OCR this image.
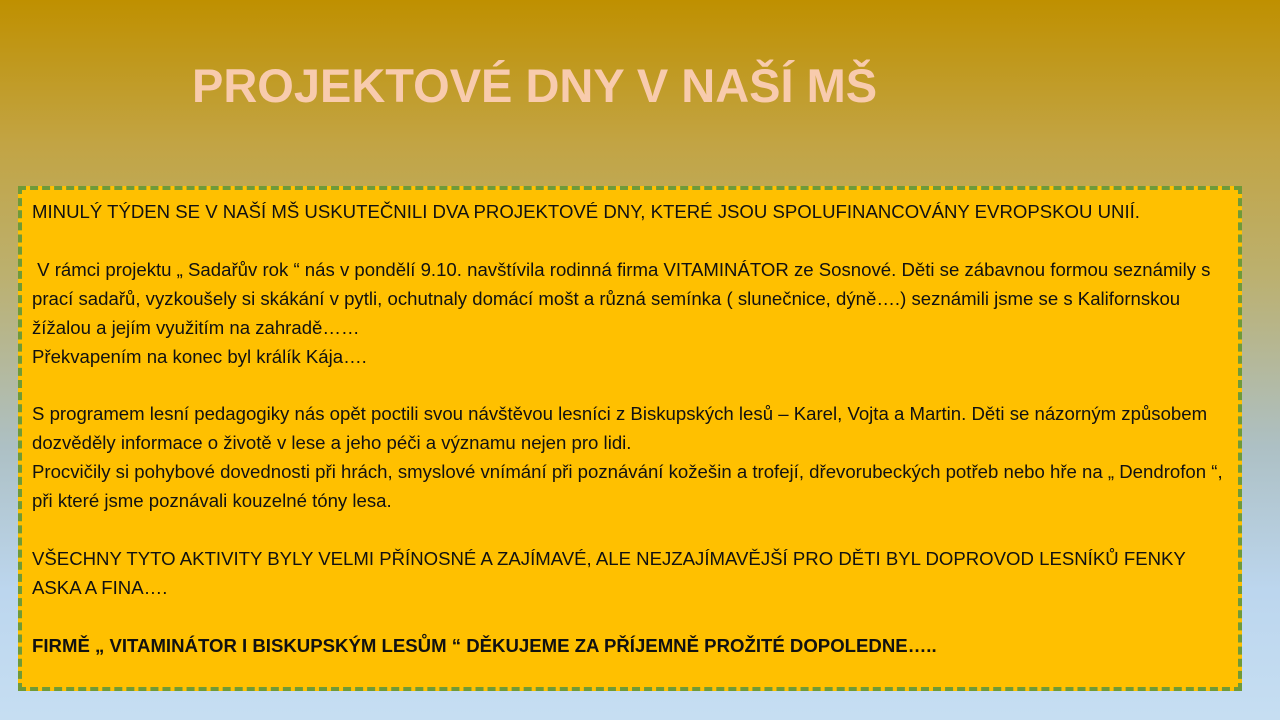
PROJEKTOVÉ DNY V NAŠÍ MŠ

MINULÝ TÝDEN SE V NAŠÍ MŠ USKUTEČNILI DVA PROJEKTOVÉ DNY, KTERÉ JSOU SPOLUFINANCOVÁNY EVROPSKOU UNIÍ.

V rámci projektu „ Sadařův rok “ nás v pondělí 9.10. navštívila rodinná firma VITAMINÁTOR ze Sosnové. Děti se zábavnou formou seznámily s prací sadařů, vyzkoušely si skákání v pytli, ochutnaly domácí mošt a různá semínka ( slunečnice, dýně….) seznámili jsme se s Kalifornskou žížalou a jejím využitím na zahradě……

Překvapením na konec byl králík Kája….

S programem lesní pedagogiky nás opět poctili svou návštěvou lesníci z Biskupských lesů – Karel, Vojta a Martin. Děti se názorným způsobem dozvěděly informace o životě v lese a jeho péči a významu nejen pro lidi.

Procvičily si pohybové dovednosti při hrách, smyslové vnímání při poznávání kožešin a trofejí, dřevorubeckých potřeb nebo hře na „ Dendrofon “, při které jsme poznávali kouzelné tóny lesa.

VŠECHNY TYTO AKTIVITY BYLY VELMI PŘÍNOSNÉ A ZAJÍMAVÉ, ALE NEJZAJÍMAVĚJŠÍ PRO DĚTI BYL DOPROVOD LESNÍKŮ FENKY ASKA A FINA….

FIRMĚ „ VITAMINÁTOR I BISKUPSKÝM LESŮM “ DĚKUJEME ZA PŘÍJEMNĚ PROŽITÉ DOPOLEDNE…..
